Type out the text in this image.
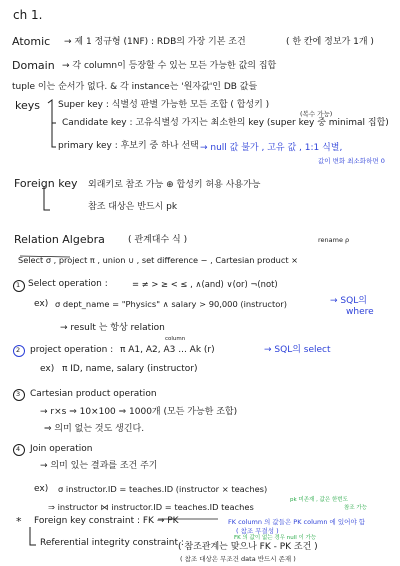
ch 1.
Atomic → 제 1 정규형 (1NF) : RDB의 가장 기본 조건	( 한 칸에 정보가 1개 )
Domain → 각 column이 등장할 수 있는 모든 가능한 값의 집합
tuple 이는 순서가 없다. & 각 instance는 '원자값'인 DB 값들
keys Super key : 식별성 판별 가능한 모든 조합 ( 합성키 )
(복수 가능)
Candidate key : 고유식별성 가지는 최소한의 key (super key 중 minimal 집합)
primary key : 후보키 중 하나 선택 → null 값 불가 , 고유 값 , 1:1 식별,
값이 변화 최소화하면 0
Foreign key 외래키로 참조 가능 ⊕ 합성키 허용 사용가능
참조 대상은 반드시 pk
Relation Algebra	( 관계대수 식 )	rename ρ
Select σ , project π , union ∪ , set difference − , Cartesian product ×
1 Select operation :	= ≠ > ≥ < ≤ , ∧(and) ∨(or) ¬(not)
ex) σ dept_name = "Physics" ∧ salary > 90,000 (instructor)	→ SQL의
where
→ result 는 항상 relation
2 project operation :
column
π A1, A2, A3 ... Ak (r)	→ SQL의 select
ex) π ID, name, salary (instructor)
3 Cartesian product operation
→ r×s ⇒ 10×100 ⇒ 1000개 (모든 가능한 조합)
⇒ 의미 없는 것도 생긴다.
4 Join operation
→ 의미 있는 결과를 조건 주기
ex) σ instructor.ID = teaches.ID (instructor × teaches)
⇒ instructor ⋈ instructor.ID = teaches.ID teaches
* Foreign key constraint : FK → PK	FK column 의 값들은 PK column 에 있어야 함
( 참조 무결성 )
pk 미존재 , 값은 한번도
참조 가능
FK 의 값이 없는 경우 null 이 가능
Referential integrity constraint :
( 참조관계는 맞으나 FK - PK 조건 )
( 참조 대상은 무조건 data 반드시 존재 )
